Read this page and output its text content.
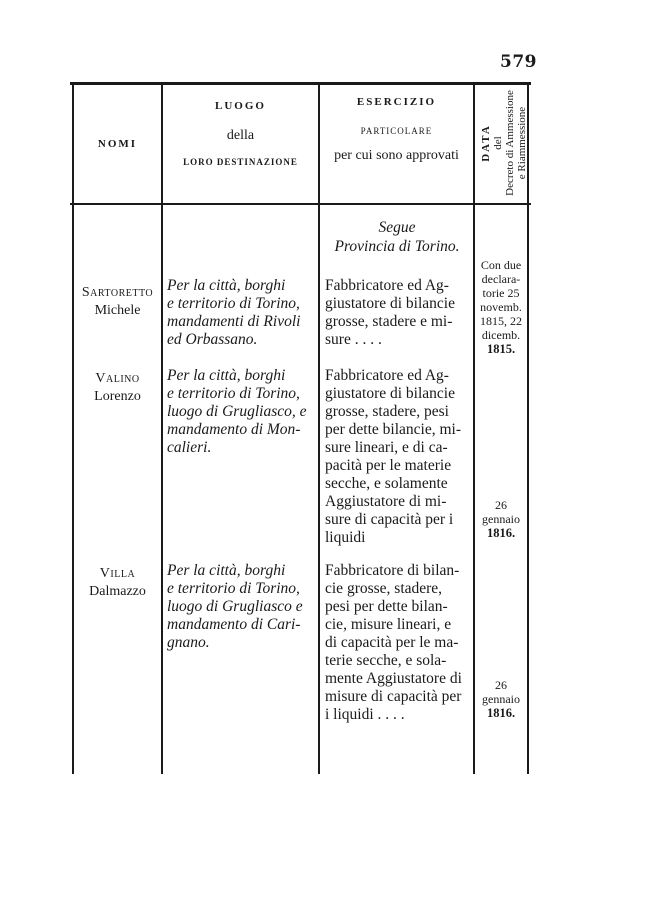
579
NOMI
LUOGO
della
LORO DESTINAZIONE
ESERCIZIO
PARTICOLARE
per cui sono approvati	DATA del Decreto di Ammessione e Riammessione
Segue
Provincia di Torino.
Sartoretto
Michele
Per la città, borghi
e territorio di Torino,
mandamenti di Rivoli
ed Orbassano.
Fabbricatore ed Ag-
giustatore di bilancie
grosse, stadere e mi-
sure . . . .
Con due
declara-
torie 25
novemb.
1815, 22
dicemb.
1815.
Valino
Lorenzo
Per la città, borghi
e territorio di Torino,
luogo di Grugliasco, e
mandamento di Mon-
calieri.
Fabbricatore ed Ag-
giustatore di bilancie
grosse, stadere, pesi
per dette bilancie, mi-
sure lineari, e di ca-
pacità per le materie
secche, e solamente
Aggiustatore di mi-
sure di capacità per i
liquidi
26
gennaio
1816.
Villa
Dalmazzo
Per la città, borghi
e territorio di Torino,
luogo di Grugliasco e
mandamento di Cari-
gnano.
Fabbricatore di bilan-
cie grosse, stadere,
pesi per dette bilan-
cie, misure lineari, e
di capacità per le ma-
terie secche, e sola-
mente Aggiustatore di
misure di capacità per
i liquidi . . . .
26
gennaio
1816.
